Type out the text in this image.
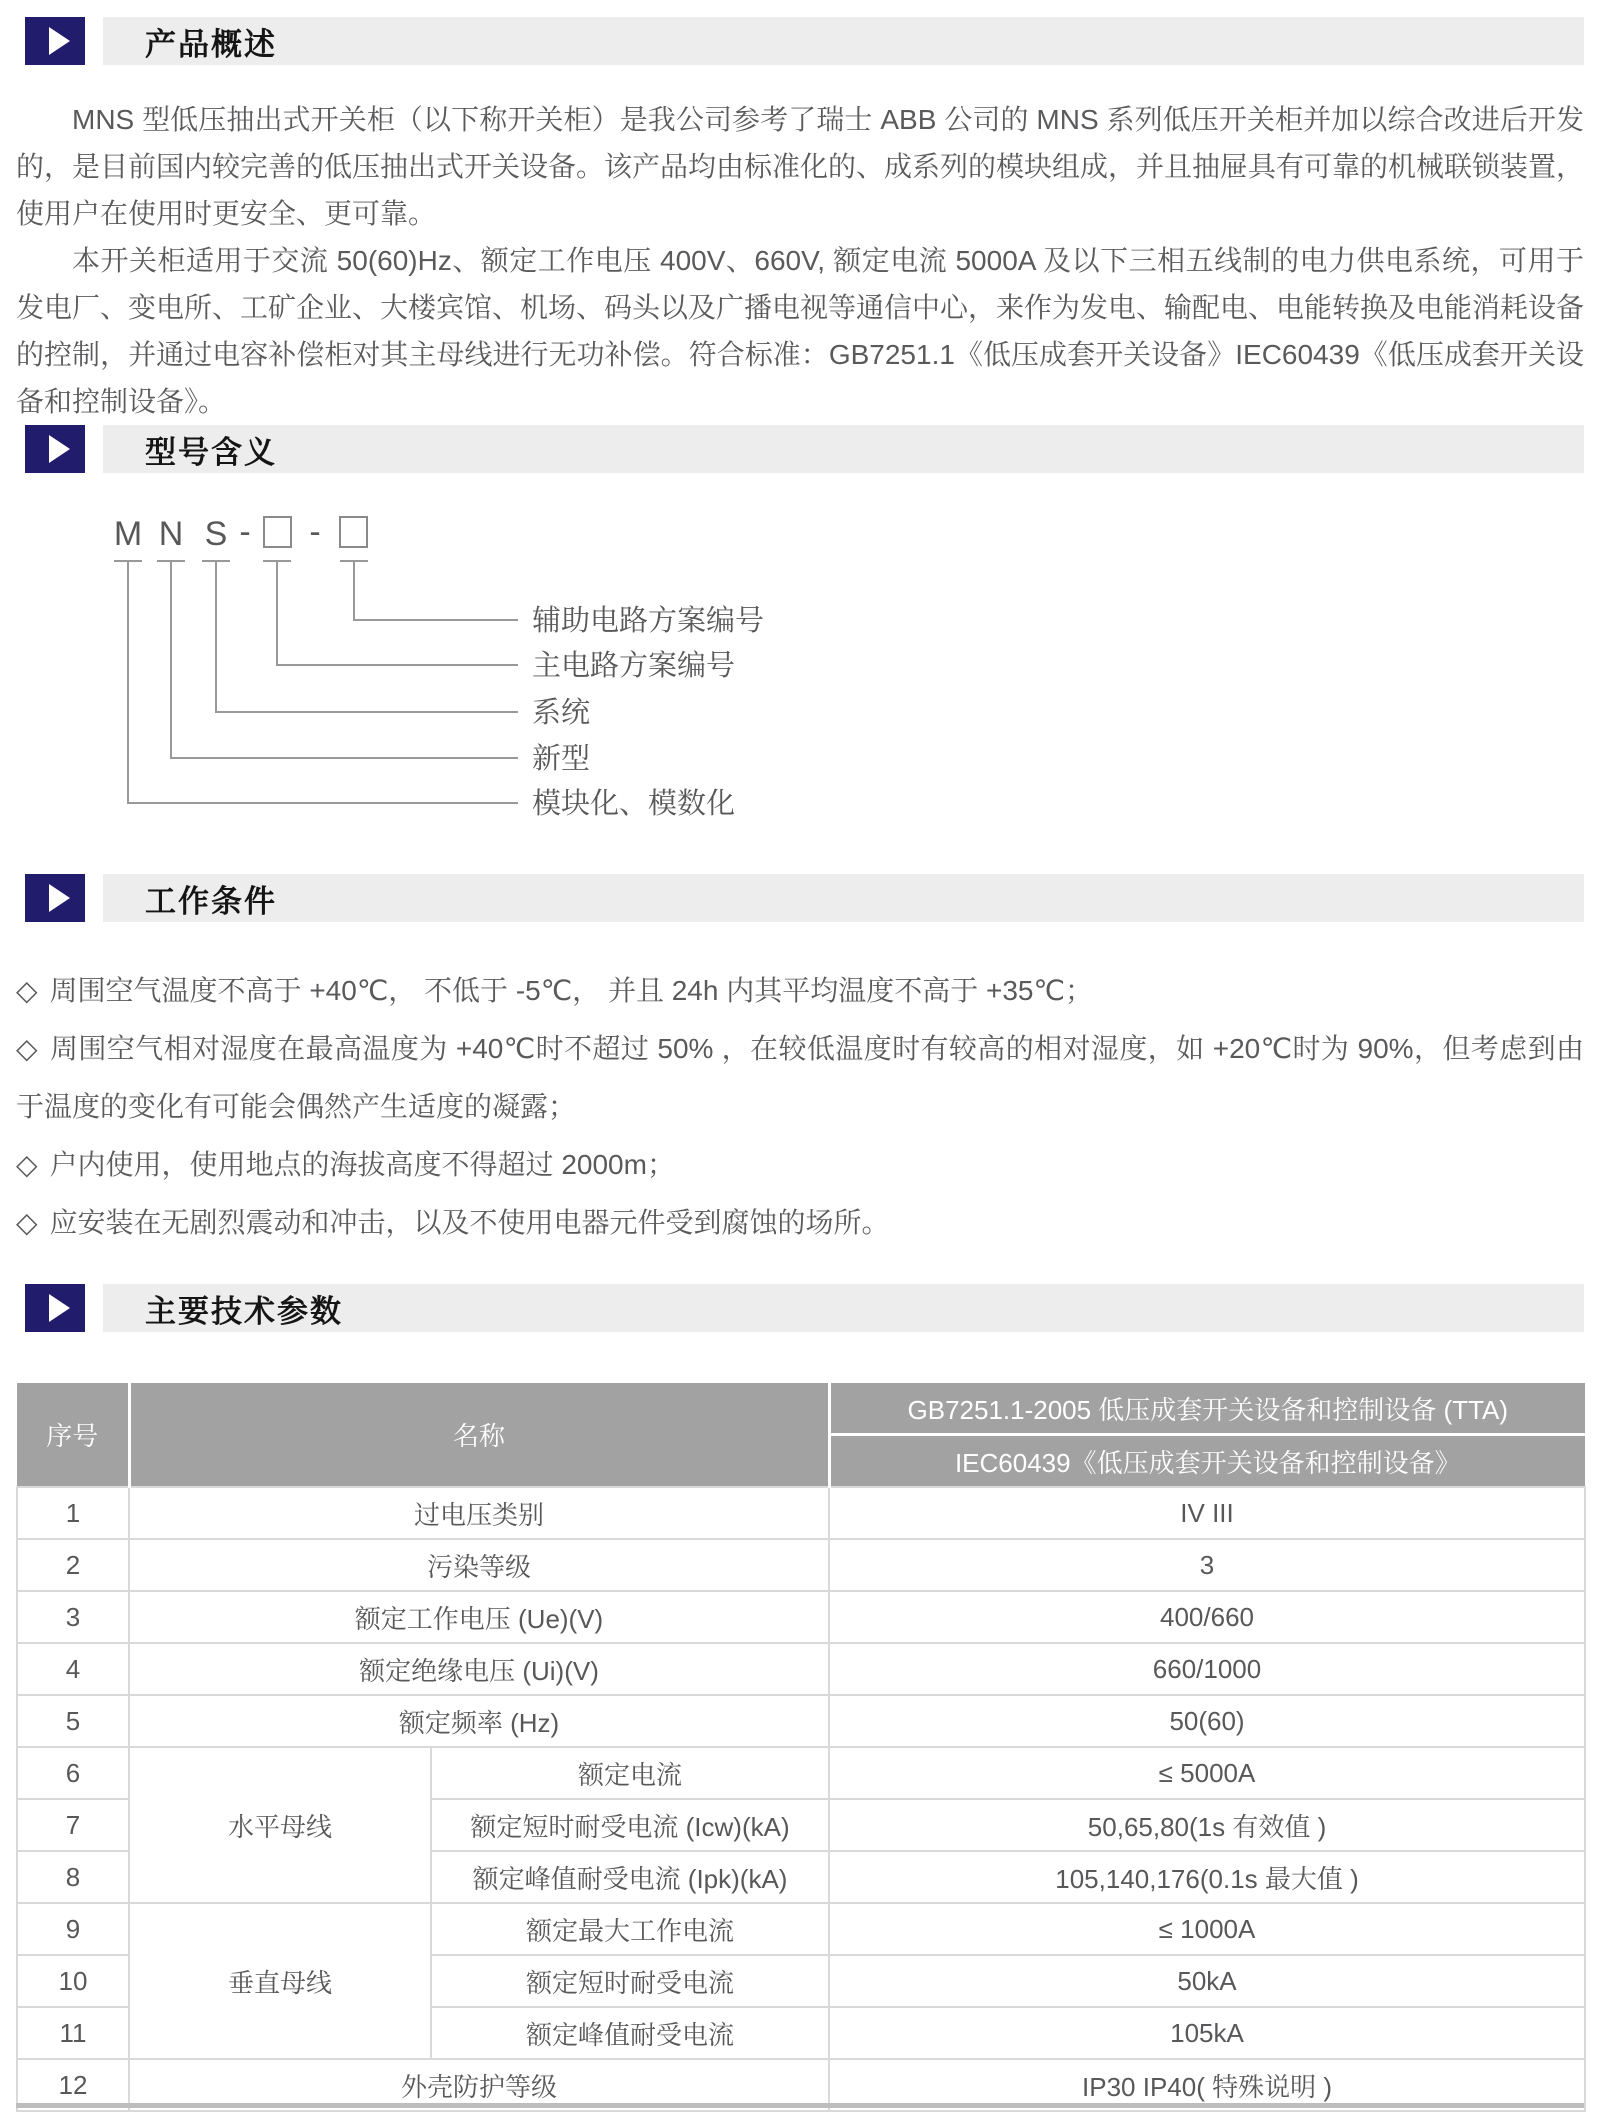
产品概述

MNS 型低压抽出式开关柜（以下称开关柜）是我公司参考了瑞士 ABB 公司的 MNS 系列低压开关柜并加以综合改进后开发的，是目前国内较完善的低压抽出式开关设备。该产品均由标准化的、成系列的模块组成，并且抽屉具有可靠的机械联锁装置，使用户在使用时更安全、更可靠。

本开关柜适用于交流 50(60)Hz、额定工作电压 400V、660V, 额定电流 5000A 及以下三相五线制的电力供电系统，可用于发电厂、变电所、工矿企业、大楼宾馆、机场、码头以及广播电视等通信中心，来作为发电、输配电、电能转换及电能消耗设备的控制，并通过电容补偿柜对其主母线进行无功补偿。符合标准：GB7251.1《低压成套开关设备》IEC60439《低压成套开关设备和控制设备》。

型号含义
M N S - -
辅助电路方案编号
主电路方案编号
系统
新型
模块化、模数化
工作条件

◇ 周围空气温度不高于 +40℃， 不低于 -5℃， 并且 24h 内其平均温度不高于 +35℃；

◇ 周围空气相对湿度在最高温度为 +40℃时不超过 50% ，在较低温度时有较高的相对湿度，如 +20℃时为 90%，但考虑到由于温度的变化有可能会偶然产生适度的凝露；

◇ 户内使用，使用地点的海拔高度不得超过 2000m；

◇ 应安装在无剧烈震动和冲击，以及不使用电器元件受到腐蚀的场所。

主要技术参数
序号	名称		GB7251.1-2005 低压成套开关设备和控制设备 (TTA)
			IEC60439《低压成套开关设备和控制设备》
1	过电压类别		IV III
2	污染等级		3
3	额定工作电压 (Ue)(V)		400/660
4	额定绝缘电压 (Ui)(V)		660/1000
5	额定频率 (Hz)		50(60)
6	水平母线	额定电流	≤ 5000A
7		额定短时耐受电流 (Icw)(kA)	50,65,80(1s 有效值 )
8		额定峰值耐受电流 (Ipk)(kA)	105,140,176(0.1s 最大值 )
9	垂直母线	额定最大工作电流	≤ 1000A
10		额定短时耐受电流	50kA
11		额定峰值耐受电流	105kA
12	外壳防护等级		IP30 IP40( 特殊说明 )
